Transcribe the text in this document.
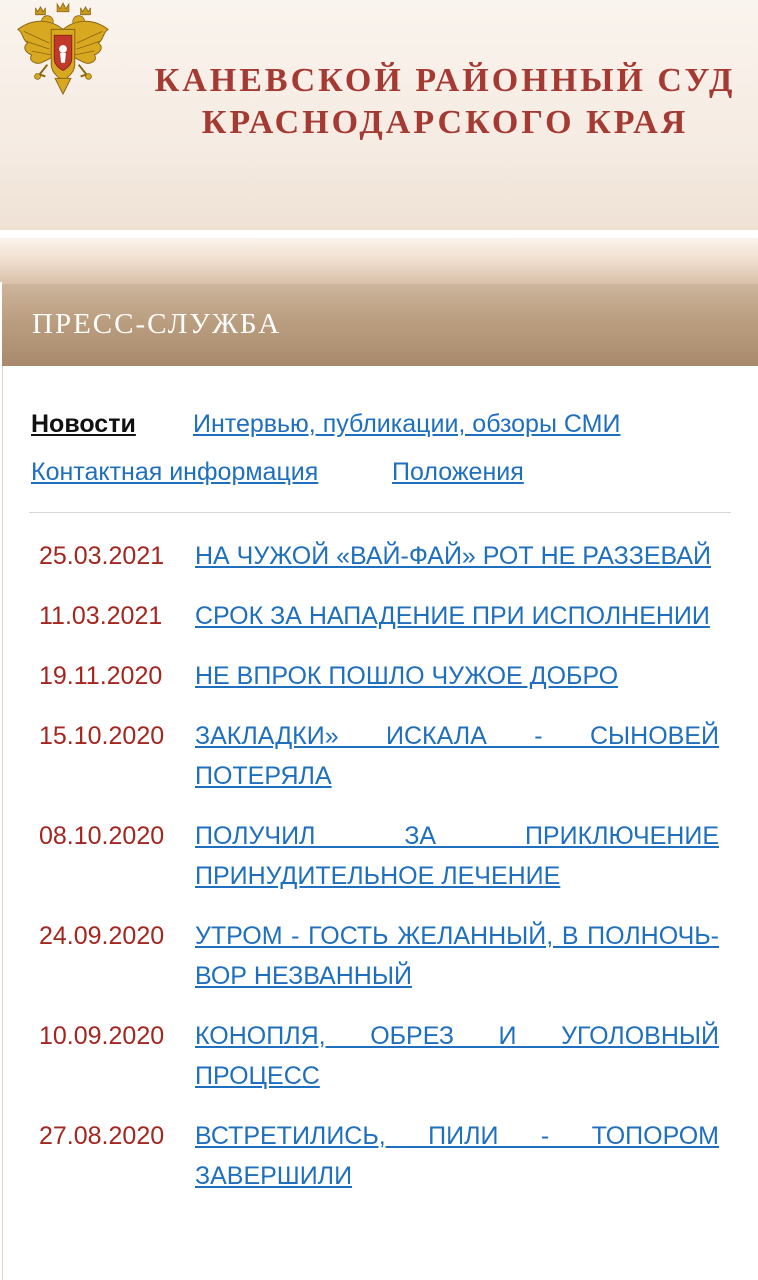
КАНЕВСКОЙ РАЙОННЫЙ СУД КРАСНОДАРСКОГО КРАЯ
ПРЕСС-СЛУЖБА
Новости Интервью, публикации, обзоры СМИ
Контактная информация	Положения
25.03.2021	НА ЧУЖОЙ «ВАЙ-ФАЙ» РОТ НЕ РАЗЗЕВАЙ
11.03.2021	СРОК ЗА НАПАДЕНИЕ ПРИ ИСПОЛНЕНИИ
19.11.2020	НЕ ВПРОК ПОШЛО ЧУЖОЕ ДОБРО
15.10.2020	ЗАКЛАДКИ» ИСКАЛА - СЫНОВЕЙ ПОТЕРЯЛА
08.10.2020	ПОЛУЧИЛ ЗА ПРИКЛЮЧЕНИЕ ПРИНУДИТЕЛЬНОЕ ЛЕЧЕНИЕ
24.09.2020	УТРОМ - ГОСТЬ ЖЕЛАННЫЙ, В ПОЛНОЧЬ- ВОР НЕЗВАННЫЙ
10.09.2020	КОНОПЛЯ, ОБРЕЗ И УГОЛОВНЫЙ ПРОЦЕСС
27.08.2020	ВСТРЕТИЛИСЬ, ПИЛИ - ТОПОРОМ ЗАВЕРШИЛИ
